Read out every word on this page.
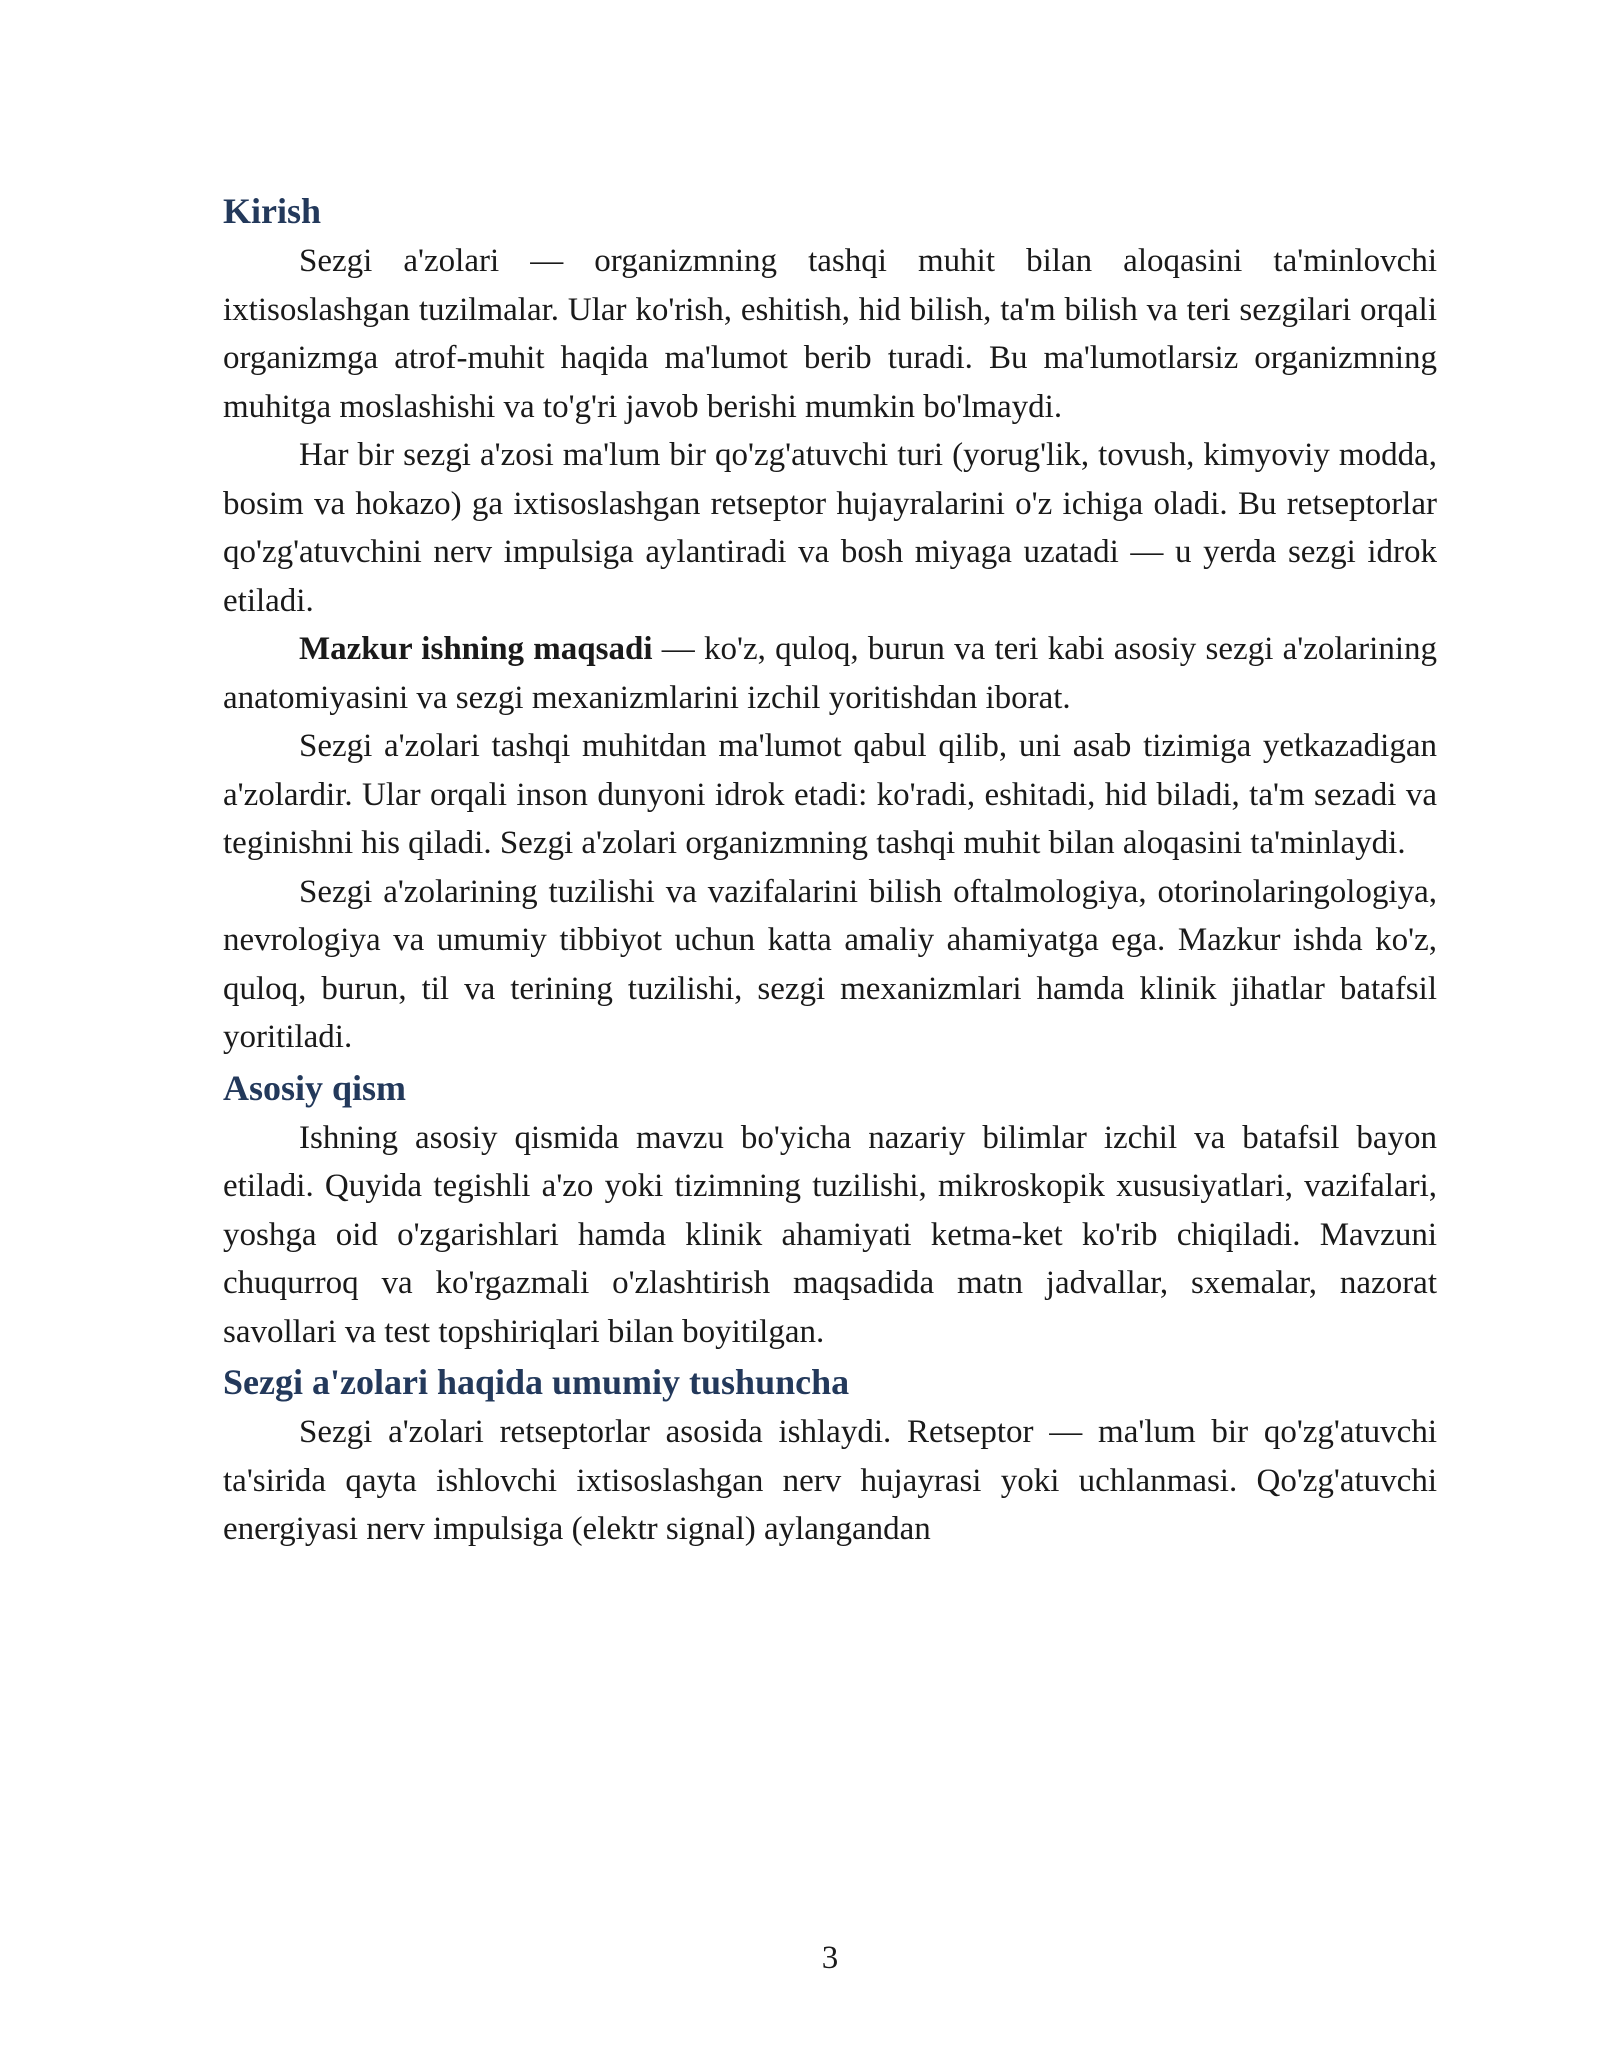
Kirish

Sezgi a'zolari — organizmning tashqi muhit bilan aloqasini ta'minlovchi ixtisoslashgan tuzilmalar. Ular ko'rish, eshitish, hid bilish, ta'm bilish va teri sezgilari orqali organizmga atrof-muhit haqida ma'lumot berib turadi. Bu ma'lumotlarsiz organizmning muhitga moslashishi va to'g'ri javob berishi mumkin bo'lmaydi.

Har bir sezgi a'zosi ma'lum bir qo'zg'atuvchi turi (yorug'lik, tovush, kimyoviy modda, bosim va hokazo) ga ixtisoslashgan retseptor hujayralarini o'z ichiga oladi. Bu retseptorlar qo'zg'atuvchini nerv impulsiga aylantiradi va bosh miyaga uzatadi — u yerda sezgi idrok etiladi.

Mazkur ishning maqsadi — ko'z, quloq, burun va teri kabi asosiy sezgi a'zolarining anatomiyasini va sezgi mexanizmlarini izchil yoritishdan iborat.

Sezgi a'zolari tashqi muhitdan ma'lumot qabul qilib, uni asab tizimiga yetkazadigan a'zolardir. Ular orqali inson dunyoni idrok etadi: ko'radi, eshitadi, hid biladi, ta'm sezadi va teginishni his qiladi. Sezgi a'zolari organizmning tashqi muhit bilan aloqasini ta'minlaydi.

Sezgi a'zolarining tuzilishi va vazifalarini bilish oftalmologiya, otorinolaringologiya, nevrologiya va umumiy tibbiyot uchun katta amaliy ahamiyatga ega. Mazkur ishda ko'z, quloq, burun, til va terining tuzilishi, sezgi mexanizmlari hamda klinik jihatlar batafsil yoritiladi.

Asosiy qism

Ishning asosiy qismida mavzu bo'yicha nazariy bilimlar izchil va batafsil bayon etiladi. Quyida tegishli a'zo yoki tizimning tuzilishi, mikroskopik xususiyatlari, vazifalari, yoshga oid o'zgarishlari hamda klinik ahamiyati ketma-ket ko'rib chiqiladi. Mavzuni chuqurroq va ko'rgazmali o'zlashtirish maqsadida matn jadvallar, sxemalar, nazorat savollari va test topshiriqlari bilan boyitilgan.

Sezgi a'zolari haqida umumiy tushuncha

Sezgi a'zolari retseptorlar asosida ishlaydi. Retseptor — ma'lum bir qo'zg'atuvchi ta'sirida qayta ishlovchi ixtisoslashgan nerv hujayrasi yoki uchlanmasi. Qo'zg'atuvchi energiyasi nerv impulsiga (elektr signal) aylangandan

3
